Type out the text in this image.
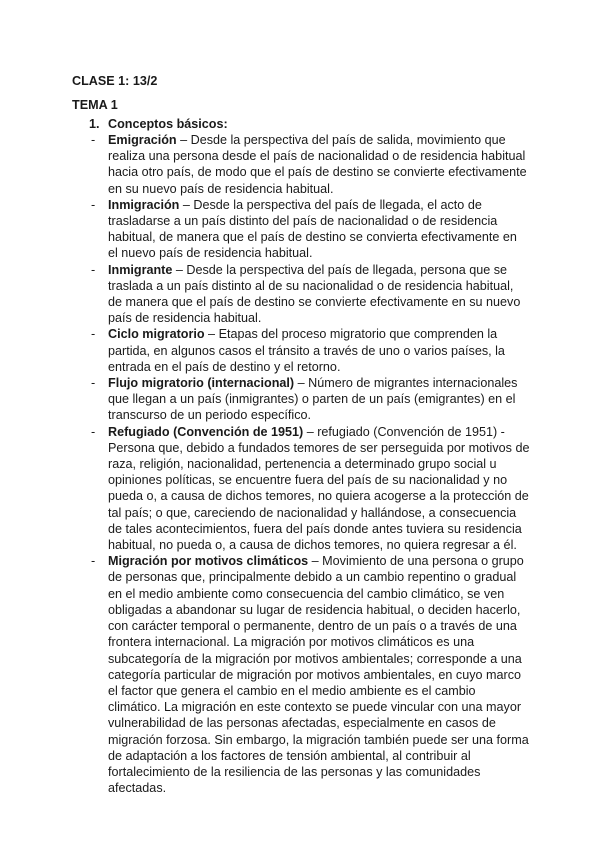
CLASE 1: 13/2

TEMA 1

1. Conceptos básicos:
- Emigración – Desde la perspectiva del país de salida, movimiento que realiza una persona desde el país de nacionalidad o de residencia habitual hacia otro país, de modo que el país de destino se convierte efectivamente en su nuevo país de residencia habitual.
- Inmigración – Desde la perspectiva del país de llegada, el acto de trasladarse a un país distinto del país de nacionalidad o de residencia habitual, de manera que el país de destino se convierta efectivamente en el nuevo país de residencia habitual.
- Inmigrante – Desde la perspectiva del país de llegada, persona que se traslada a un país distinto al de su nacionalidad o de residencia habitual, de manera que el país de destino se convierte efectivamente en su nuevo país de residencia habitual.
- Ciclo migratorio – Etapas del proceso migratorio que comprenden la partida, en algunos casos el tránsito a través de uno o varios países, la entrada en el país de destino y el retorno.
- Flujo migratorio (internacional) – Número de migrantes internacionales que llegan a un país (inmigrantes) o parten de un país (emigrantes) en el transcurso de un periodo específico.
- Refugiado (Convención de 1951) – refugiado (Convención de 1951) - Persona que, debido a fundados temores de ser perseguida por motivos de raza, religión, nacionalidad, pertenencia a determinado grupo social u opiniones políticas, se encuentre fuera del país de su nacionalidad y no pueda o, a causa de dichos temores, no quiera acogerse a la protección de tal país; o que, careciendo de nacionalidad y hallándose, a consecuencia de tales acontecimientos, fuera del país donde antes tuviera su residencia habitual, no pueda o, a causa de dichos temores, no quiera regresar a él.
- Migración por motivos climáticos – Movimiento de una persona o grupo de personas que, principalmente debido a un cambio repentino o gradual en el medio ambiente como consecuencia del cambio climático, se ven obligadas a abandonar su lugar de residencia habitual, o deciden hacerlo, con carácter temporal o permanente, dentro de un país o a través de una frontera internacional. La migración por motivos climáticos es una subcategoría de la migración por motivos ambientales; corresponde a una categoría particular de migración por motivos ambientales, en cuyo marco el factor que genera el cambio en el medio ambiente es el cambio climático. La migración en este contexto se puede vincular con una mayor vulnerabilidad de las personas afectadas, especialmente en casos de migración forzosa. Sin embargo, la migración también puede ser una forma de adaptación a los factores de tensión ambiental, al contribuir al fortalecimiento de la resiliencia de las personas y las comunidades afectadas.
